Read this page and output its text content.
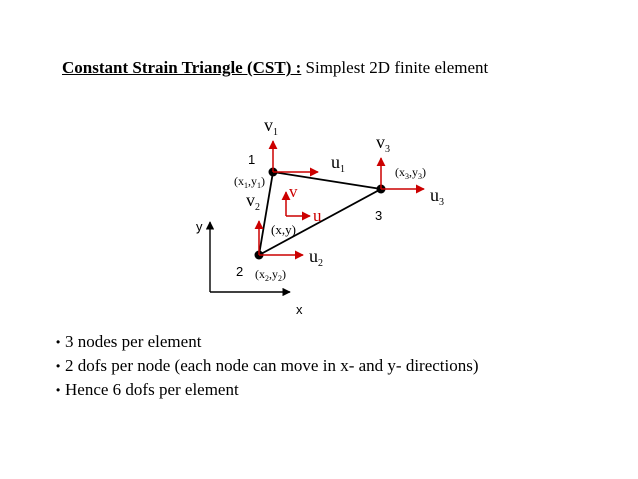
Constant Strain Triangle (CST) : Simplest 2D finite element
y
x
1
$(x_1,y_1)$
$v_1$
$u_1$
2 $(x_2,y_2)$
$v_2$
$u_2$
3
$(x_3,y_3)$
$v_3$
$u_3$
v
u
(x,y)
• 3 nodes per element
• 2 dofs per node (each node can move in x- and y- directions)
• Hence 6 dofs per element
